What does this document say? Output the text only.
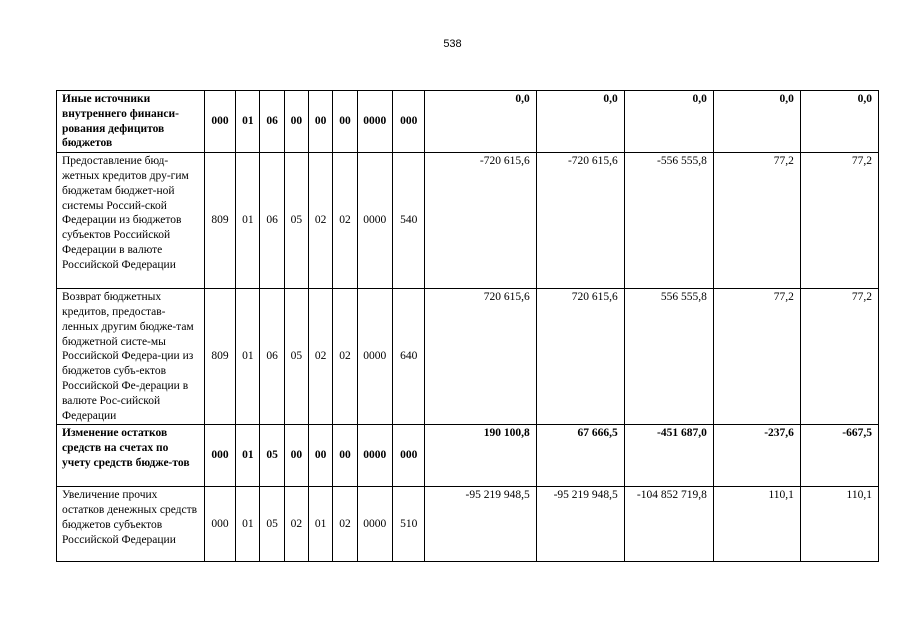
538
Иные источники внутреннего финанси-рования дефицитов бюджетов	000	01	06	00	00	00	0000	000	0,0	0,0	0,0	0,0	0,0
Предоставление бюд-жетных кредитов дру-гим бюджетам бюджет-ной системы Россий-ской Федерации из бюджетов субъектов Российской Федерации в валюте Российской Федерации	809	01	06	05	02	02	0000	540	-720 615,6	-720 615,6	-556 555,8	77,2	77,2
Возврат бюджетных кредитов, предостав-ленных другим бюдже-там бюджетной систе-мы Российской Федера-ции из бюджетов субъ-ектов Российской Фе-дерации в валюте Рос-сийской Федерации	809	01	06	05	02	02	0000	640	720 615,6	720 615,6	556 555,8	77,2	77,2
Изменение остатков средств на счетах по учету средств бюдже-тов	000	01	05	00	00	00	0000	000	190 100,8	67 666,5	-451 687,0	-237,6	-667,5
Увеличение прочих остатков денежных средств бюджетов субъектов Российской Федерации	000	01	05	02	01	02	0000	510	-95 219 948,5	-95 219 948,5	-104 852 719,8	110,1	110,1
